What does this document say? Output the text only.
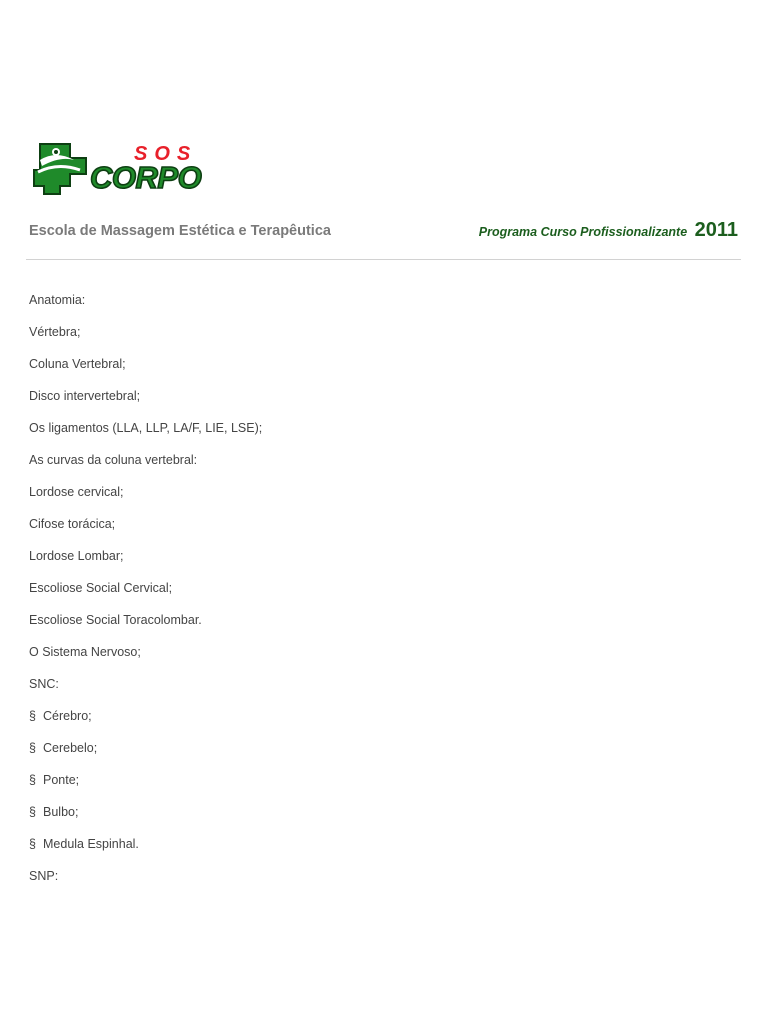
SOS
CORPO
Escola de Massagem Estética e Terapêutica	Programa Curso Profissionalizante 2011
Anatomia:
Vértebra;
Coluna Vertebral;
Disco intervertebral;
Os ligamentos (LLA, LLP, LA/F, LIE, LSE);
As curvas da coluna vertebral:
Lordose cervical;
Cifose torácica;
Lordose Lombar;
Escoliose Social Cervical;
Escoliose Social Toracolombar.
O Sistema Nervoso;
SNC:
§ Cérebro;
§ Cerebelo;
§ Ponte;
§ Bulbo;
§ Medula Espinhal.
SNP:
